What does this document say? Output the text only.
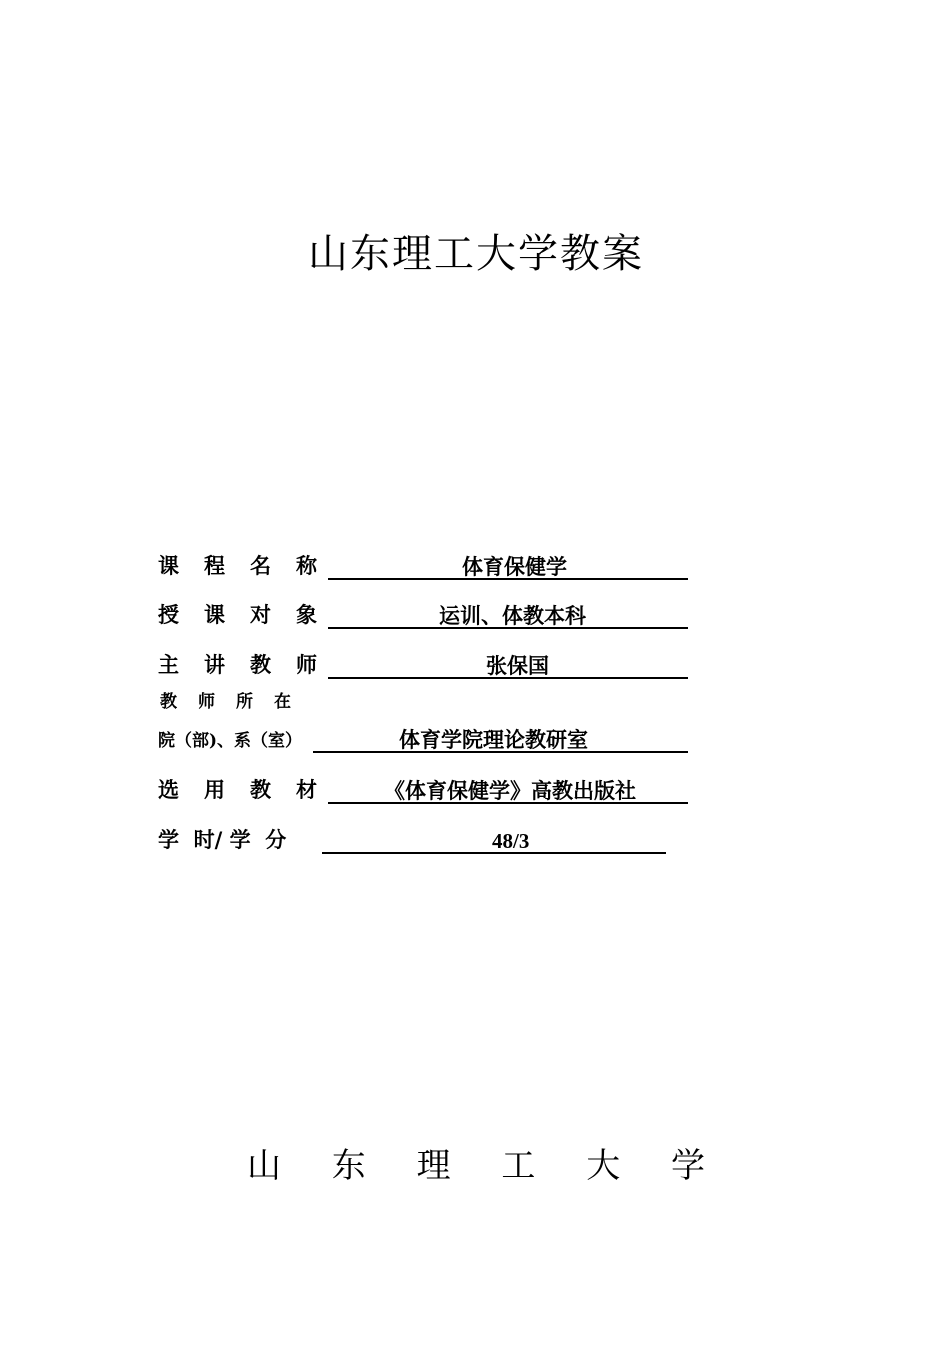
山东理工大学教案
课 程 名 称	体育保健学
授 课 对 象	运训、体教本科
主 讲 教 师	张保国
教 师 所 在
院（部)、系（室）	体育学院理论教研室
选 用 教 材	《体育保健学》高教出版社
学  时/ 学  分	48/3
山 东 理 工 大 学
